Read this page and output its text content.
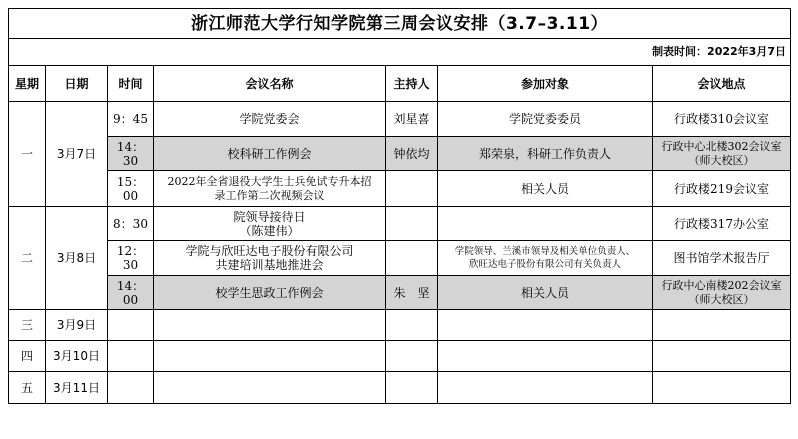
浙江师范大学行知学院第三周会议安排（3.7–3.11）						
制表时间：2022年3月7日						
星期	日期	时间	会议名称	主持人	参加对象	会议地点
一	3月7日	9：45	学院党委会	刘星喜	学院党委委员	行政楼310会议室
		14：30	校科研工作例会	钟依均	郑荣泉，科研工作负责人	行政中心北楼302会议室
（师大校区）

		15：00	2022年全省退役大学生士兵免试专升本招
录工作第二次视频会议		相关人员	行政楼219会议室
二	3月8日	8：30	院领导接待日
（陈建伟）			行政楼317办公室
		12：30	学院与欣旺达电子股份有限公司
共建培训基地推进会		学院领导、兰溪市领导及相关单位负责人、
欣旺达电子股份有限公司有关负责人	图书馆学术报告厅
		14：00	校学生思政工作例会	朱　坚	相关人员	行政中心南楼202会议室
（师大校区）

三	3月9日					
四	3月10日					
五	3月11日					
